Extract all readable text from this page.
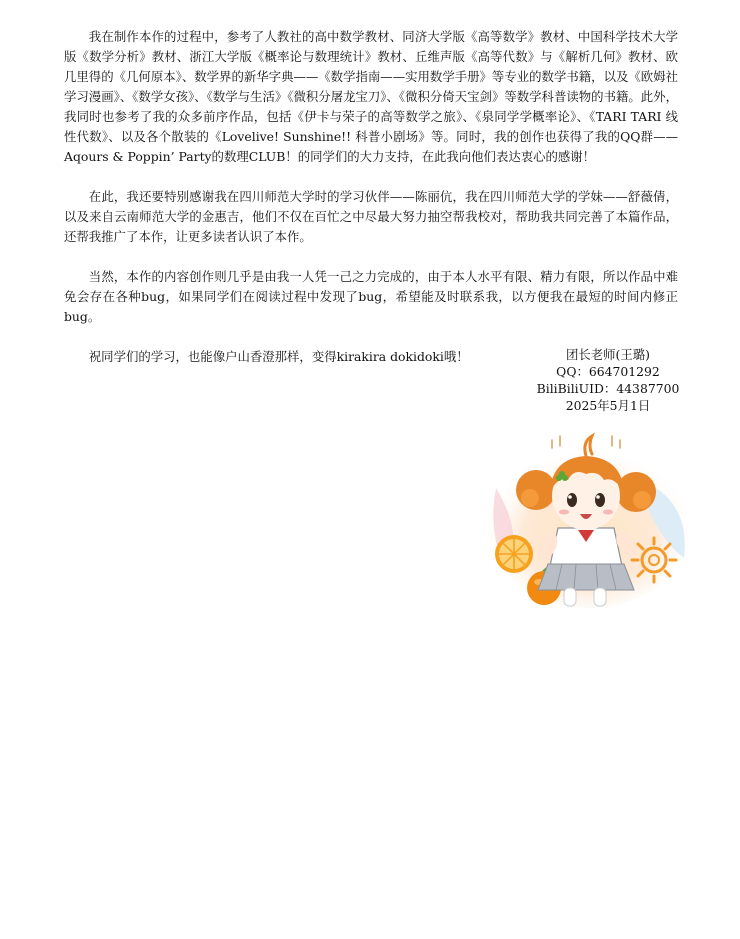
我在制作本作的过程中，参考了人教社的高中数学教材、同济大学版《高等数学》教材、中国科学技术大学版《数学分析》教材、浙江大学版《概率论与数理统计》教材、丘维声版《高等代数》与《解析几何》教材、欧几里得的《几何原本》、数学界的新华字典——《数学指南——实用数学手册》等专业的数学书籍，以及《欧姆社学习漫画》、《数学女孩》、《数学与生活》《微积分屠龙宝刀》、《微积分倚天宝剑》等数学科普读物的书籍。此外，我同时也参考了我的众多前序作品，包括《伊卡与荣子的高等数学之旅》、《泉同学学概率论》、《TARI TARI 线性代数》、以及各个散装的《Lovelive! Sunshine!! 科普小剧场》等。同时，我的创作也获得了我的QQ群——Aqours & Poppin’ Party的数理CLUB！的同学们的大力支持，在此我向他们表达衷心的感谢！

在此，我还要特别感谢我在四川师范大学时的学习伙伴——陈丽伉，我在四川师范大学的学妹——舒薇倩，以及来自云南师范大学的金惠吉，他们不仅在百忙之中尽最大努力抽空帮我校对，帮助我共同完善了本篇作品，还帮我推广了本作，让更多读者认识了本作。

当然，本作的内容创作则几乎是由我一人凭一己之力完成的，由于本人水平有限、精力有限，所以作品中难免会存在各种bug，如果同学们在阅读过程中发现了bug，希望能及时联系我，以方便我在最短的时间内修正bug。

祝同学们的学习，也能像户山香澄那样，变得kirakira dokidoki哦！	团长老师(王璐)
QQ：664701292
BiliBiliUID：44387700
2025年5月1日
